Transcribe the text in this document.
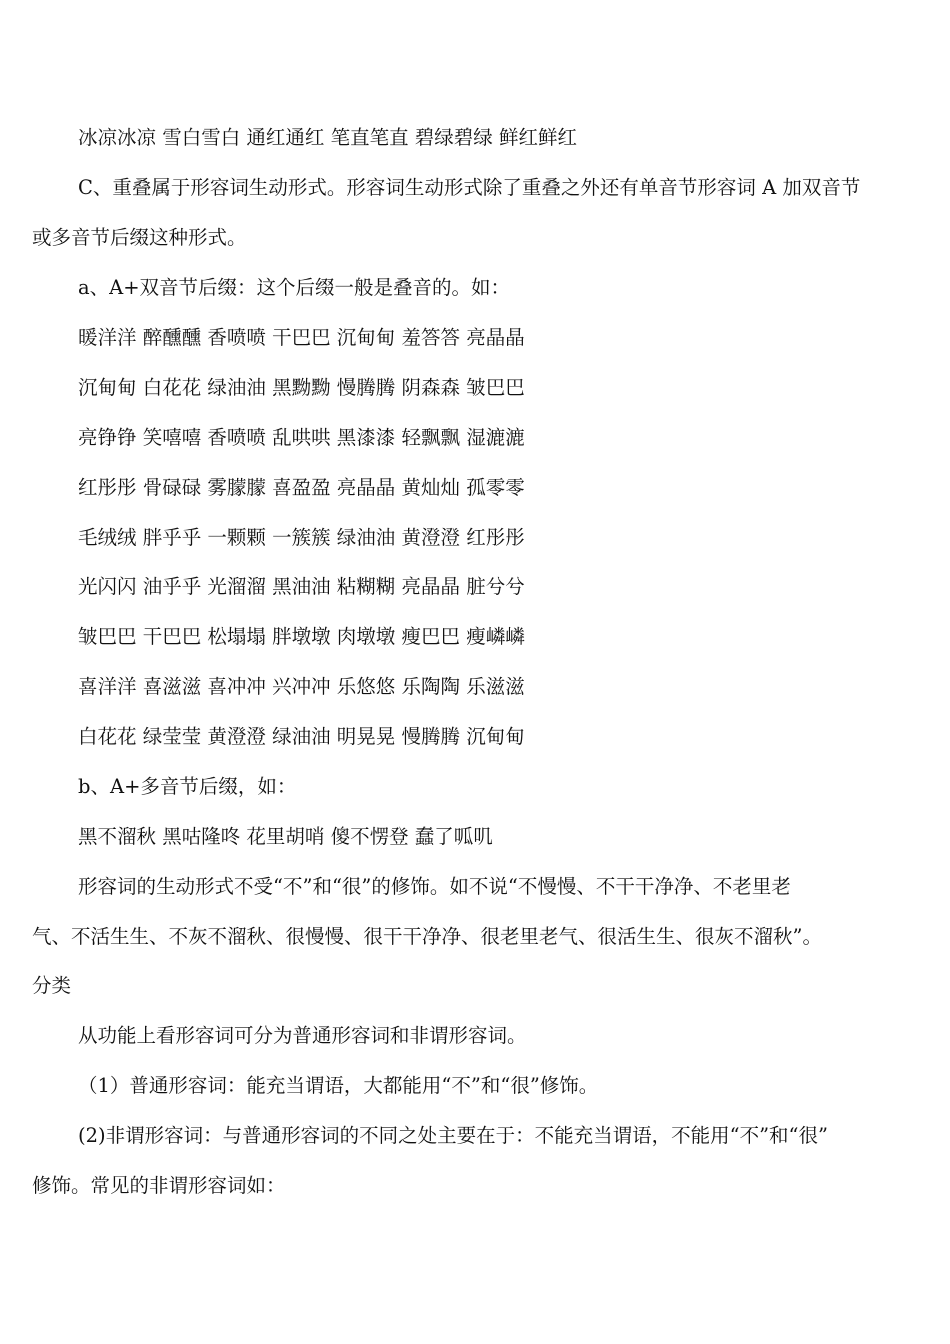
冰凉冰凉 雪白雪白 通红通红 笔直笔直 碧绿碧绿 鲜红鲜红
C、重叠属于形容词生动形式。形容词生动形式除了重叠之外还有单音节形容词 A 加双音节
或多音节后缀这种形式。
a、A+双音节后缀：这个后缀一般是叠音的。如：
暖洋洋 醉醺醺 香喷喷 干巴巴 沉甸甸 羞答答 亮晶晶
沉甸甸 白花花 绿油油 黑黝黝 慢腾腾 阴森森 皱巴巴
亮铮铮 笑嘻嘻 香喷喷 乱哄哄 黑漆漆 轻飘飘 湿漉漉
红彤彤 骨碌碌 雾朦朦 喜盈盈 亮晶晶 黄灿灿 孤零零
毛绒绒 胖乎乎 一颗颗 一簇簇 绿油油 黄澄澄 红彤彤
光闪闪 油乎乎 光溜溜 黑油油 粘糊糊 亮晶晶 脏兮兮
皱巴巴 干巴巴 松塌塌 胖墩墩 肉墩墩 瘦巴巴 瘦嶙嶙
喜洋洋 喜滋滋 喜冲冲 兴冲冲 乐悠悠 乐陶陶 乐滋滋
白花花 绿莹莹 黄澄澄 绿油油 明晃晃 慢腾腾 沉甸甸
b、A+多音节后缀，如：
黑不溜秋 黑咕隆咚 花里胡哨 傻不愣登 蠢了呱叽
形容词的生动形式不受“不”和“很”的修饰。如不说“不慢慢、不干干净净、不老里老
气、不活生生、不灰不溜秋、很慢慢、很干干净净、很老里老气、很活生生、很灰不溜秋”。
分类
从功能上看形容词可分为普通形容词和非谓形容词。
（1）普通形容词：能充当谓语，大都能用“不”和“很”修饰。
(2)非谓形容词：与普通形容词的不同之处主要在于：不能充当谓语，不能用“不”和“很”
修饰。常见的非谓形容词如：
